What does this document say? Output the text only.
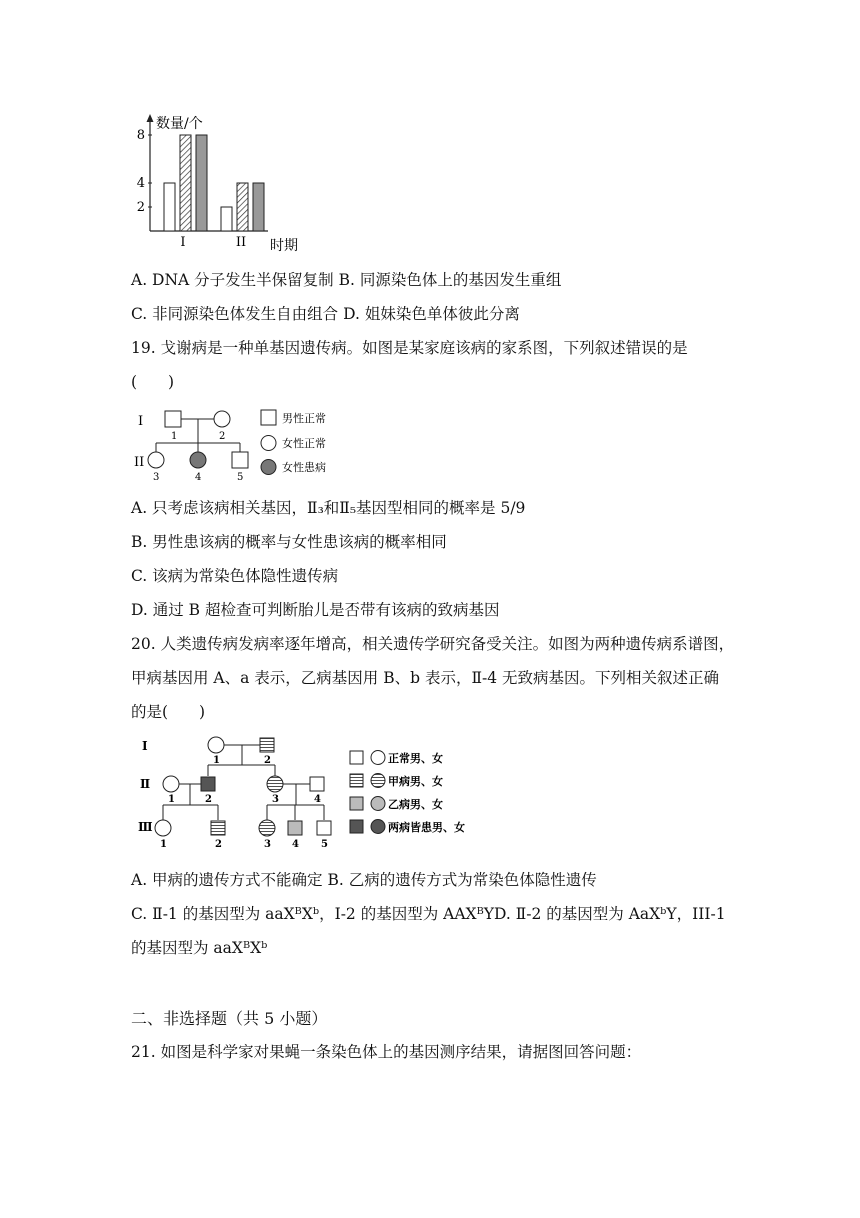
8
4
2
数量/个
I	II 时期
A. DNA 分子发生半保留复制 B. 同源染色体上的基因发生重组
C. 非同源染色体发生自由组合 D. 姐妹染色单体彼此分离
19. 戈谢病是一种单基因遗传病。如图是某家庭该病的家系图，下列叙述错误的是
(　　)
I
II
1	2
3	4	5
男性正常
女性正常
女性患病
A. 只考虑该病相关基因，Ⅱ₃和Ⅱ₅基因型相同的概率是 5/9
B. 男性患该病的概率与女性患该病的概率相同
C. 该病为常染色体隐性遗传病
D. 通过 B 超检查可判断胎儿是否带有该病的致病基因
20. 人类遗传病发病率逐年增高，相关遗传学研究备受关注。如图为两种遗传病系谱图，
甲病基因用 A、a 表示，乙病基因用 B、b 表示，Ⅱ-4 无致病基因。下列相关叙述正确
的是(　　)
I
Ⅱ
Ⅲ
1	2
1	2	3	4
1	2	3 4 5
正常男、女
甲病男、女
乙病男、女
两病皆患男、女
A. 甲病的遗传方式不能确定 B. 乙病的遗传方式为常染色体隐性遗传
C. Ⅱ-1 的基因型为 aaXᴮXᵇ，I-2 的基因型为 AAXᴮYD. Ⅱ-2 的基因型为 AaXᵇY，III-1
的基因型为 aaXᴮXᵇ
二、非选择题（共 5 小题）
21. 如图是科学家对果蝇一条染色体上的基因测序结果，请据图回答问题：
